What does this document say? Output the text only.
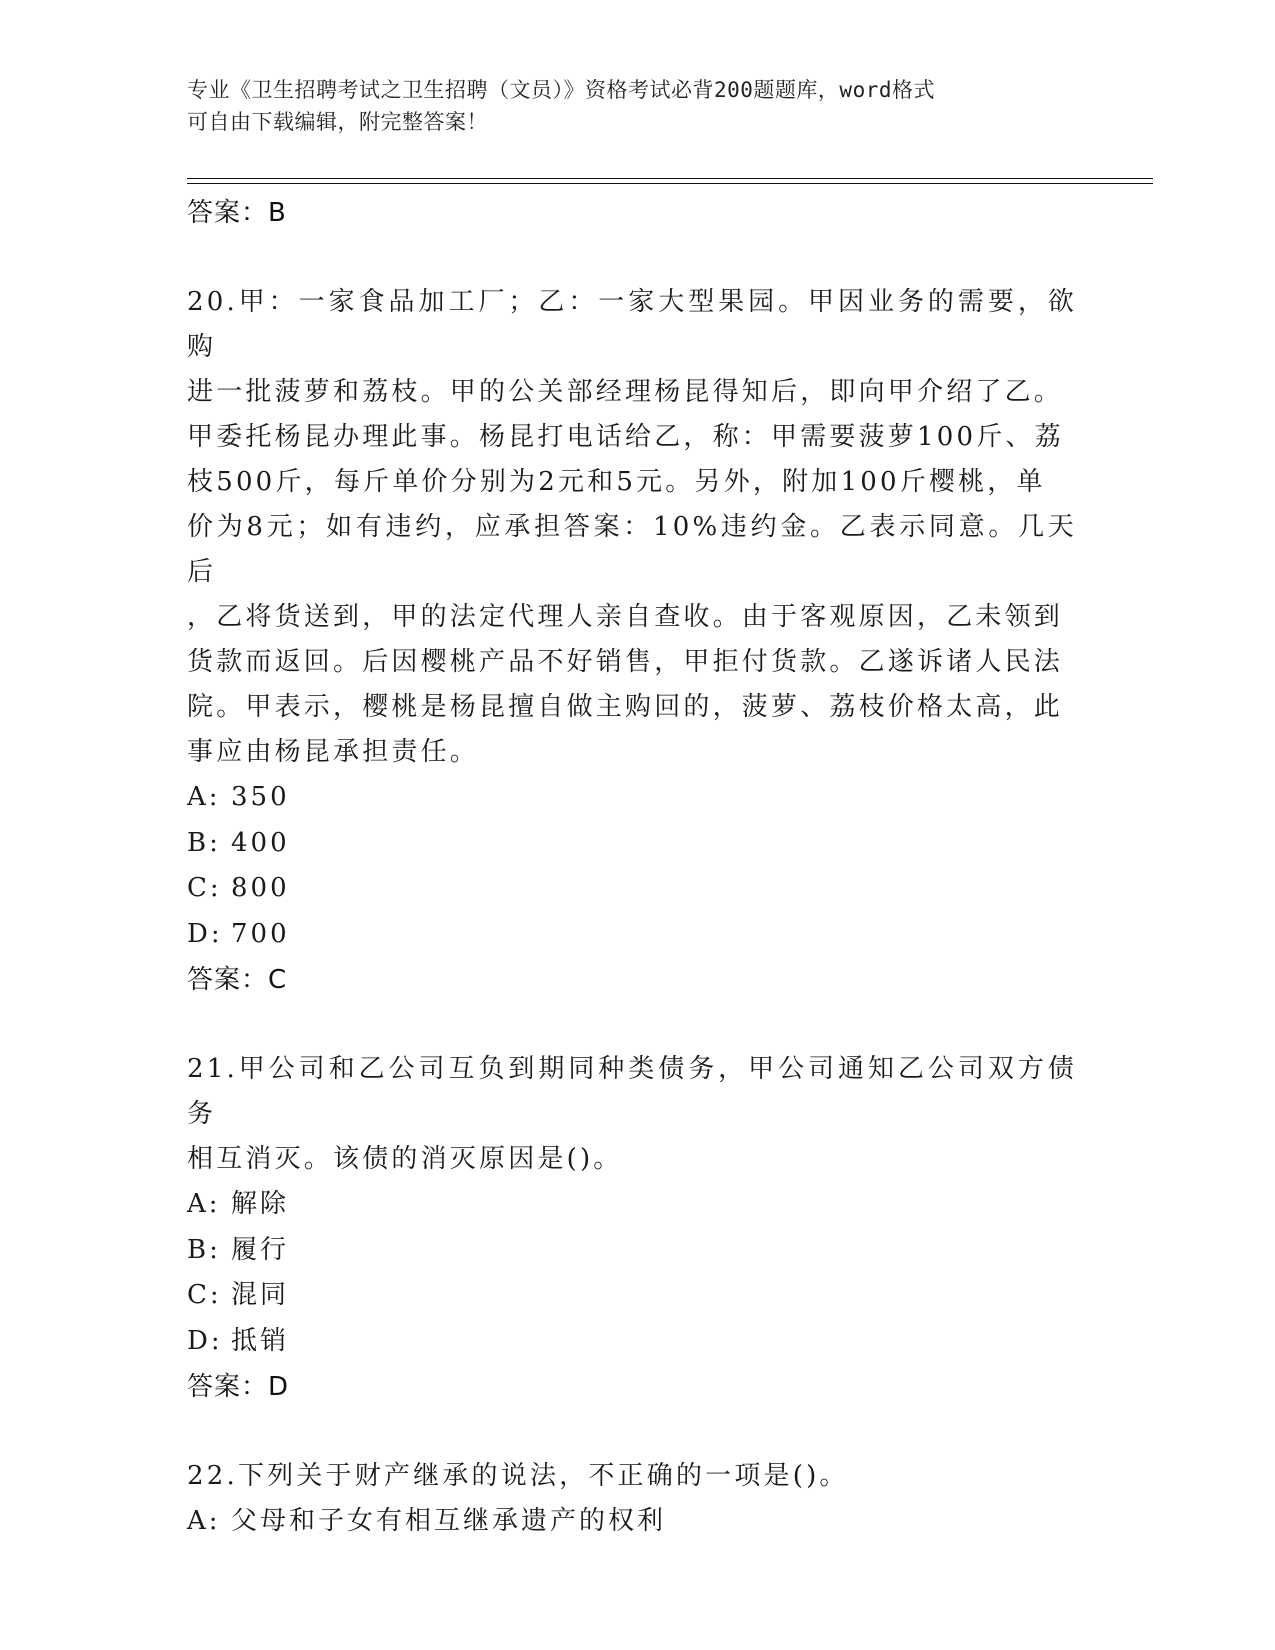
专业《卫生招聘考试之卫生招聘（文员）》资格考试必背200题题库，word格式
可自由下载编辑，附完整答案！
答案：B
20.甲：一家食品加工厂；乙：一家大型果园。甲因业务的需要，欲购
进一批菠萝和荔枝。甲的公关部经理杨昆得知后，即向甲介绍了乙。
甲委托杨昆办理此事。杨昆打电话给乙，称：甲需要菠萝100斤、荔
枝500斤，每斤单价分别为2元和5元。另外，附加100斤樱桃，单
价为8元；如有违约，应承担答案：10%违约金。乙表示同意。几天后
，乙将货送到，甲的法定代理人亲自查收。由于客观原因，乙未领到
货款而返回。后因樱桃产品不好销售，甲拒付货款。乙遂诉诸人民法
院。甲表示，樱桃是杨昆擅自做主购回的，菠萝、荔枝价格太高，此
事应由杨昆承担责任。
A: 350
B: 400
C: 800
D: 700
答案：C
21.甲公司和乙公司互负到期同种类债务，甲公司通知乙公司双方债务
相互消灭。该债的消灭原因是()。
A: 解除
B: 履行
C: 混同
D: 抵销
答案：D
22.下列关于财产继承的说法，不正确的一项是()。
A: 父母和子女有相互继承遗产的权利
